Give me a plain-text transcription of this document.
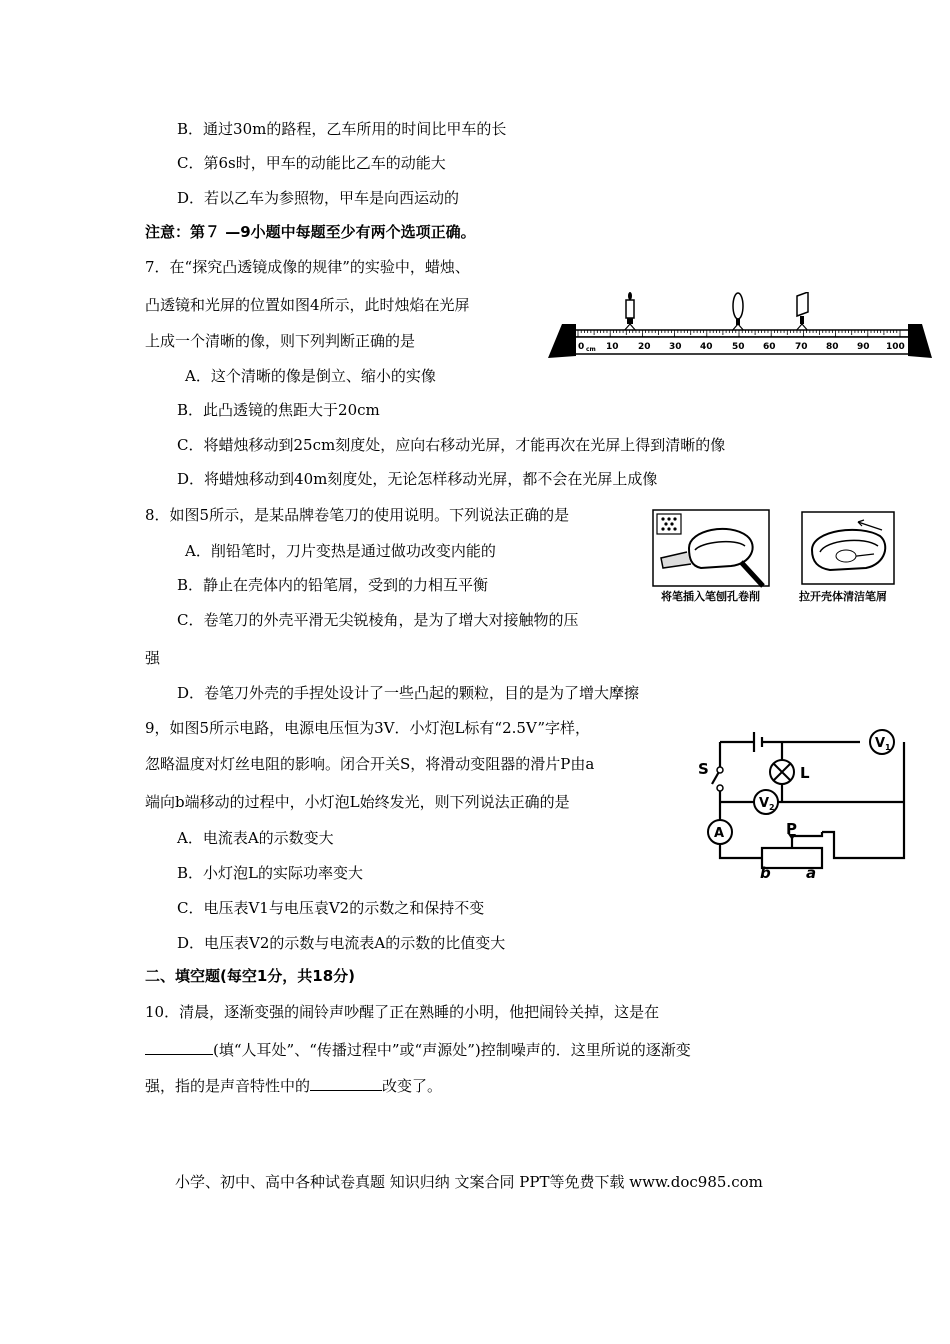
B．通过30m的路程，乙车所用的时间比甲车的长
C．第6s时，甲车的动能比乙车的动能大
D．若以乙车为参照物，甲车是向西运动的
注意：第７ —9小题中每题至少有两个选项正确。
7．在“探究凸透镜成像的规律”的实验中，蜡烛、
凸透镜和光屏的位置如图4所示，此时烛焰在光屏
上成一个清晰的像，则下列判断正确的是
A．这个清晰的像是倒立、缩小的实像
B．此凸透镜的焦距大于20cm
C．将蜡烛移动到25cm刻度处，应向右移动光屏，才能再次在光屏上得到清晰的像
D．将蜡烛移动到40m刻度处，无论怎样移动光屏，都不会在光屏上成像
0 cm 10 20 30 40 50 60 70 80 90 100
8．如图5所示，是某品牌卷笔刀的使用说明。下列说法正确的是
A．削铅笔时，刀片变热是通过做功改变内能的
B．静止在壳体内的铅笔屑，受到的力相互平衡
C．卷笔刀的外壳平滑无尖锐棱角，是为了增大对接触物的压
强
D．卷笔刀外壳的手捏处设计了一些凸起的颗粒，目的是为了增大摩擦
将笔插入笔刨孔卷削	拉开壳体清洁笔屑
9，如图5所示电路，电源电压恒为3V．小灯泡L标有“2.5V”字样，
忽略温度对灯丝电阻的影响。闭合开关S，将滑动变阻器的滑片P由a
端向b端移动的过程中，小灯泡L始终发光，则下列说法正确的是
A．电流表A的示数变大
B．小灯泡L的实际功率变大
C．电压表V1与电压袁V2的示数之和保持不变
D．电压表V2的示数与电流表A的示数的比值变大
S	L
V 1
V 2
A	P
b a
二、填空题(每空1分，共18分)
10．清晨，逐渐变强的闹铃声吵醒了正在熟睡的小明，他把闹铃关掉，这是在
(填“人耳处”、“传播过程中”或“声源处”)控制噪声的．这里所说的逐渐变
强，指的是声音特性中的	改变了。
小学、初中、高中各种试卷真题 知识归纳 文案合同 PPT等免费下载 www.doc985.com
